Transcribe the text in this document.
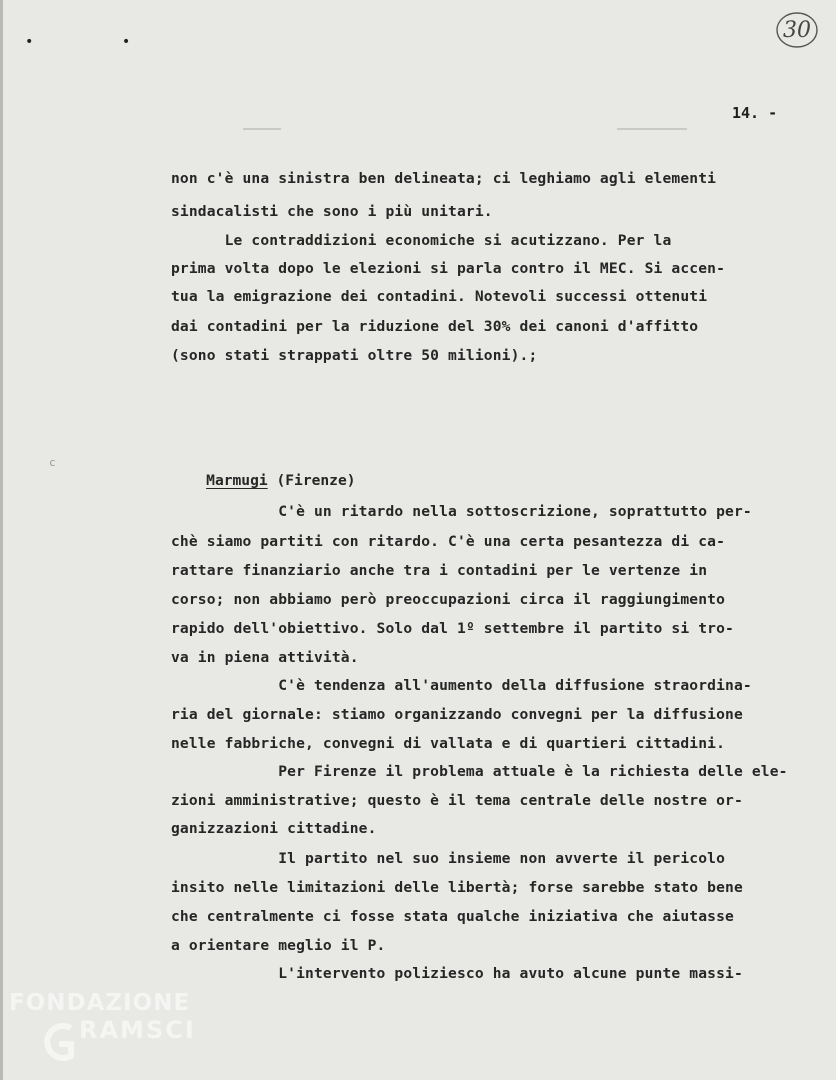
• •	30
14. -
non c'è una sinistra ben delineata; ci leghiamo agli elementi
sindacalisti che sono i più unitari.
Le contraddizioni economiche si acutizzano. Per la
prima volta dopo le elezioni si parla contro il MEC. Si accen-
tua la emigrazione dei contadini. Notevoli successi ottenuti
dai contadini per la riduzione del 30% dei canoni d'affitto
(sono stati strappati oltre 50 milioni).;
c

Marmugi (Firenze)

C'è un ritardo nella sottoscrizione, soprattutto per-
chè siamo partiti con ritardo. C'è una certa pesantezza di ca-
rattare finanziario anche tra i contadini per le vertenze in
corso; non abbiamo però preoccupazioni circa il raggiungimento
rapido dell'obiettivo. Solo dal 1º settembre il partito si tro-
va in piena attività.
C'è tendenza all'aumento della diffusione straordina-
ria del giornale: stiamo organizzando convegni per la diffusione
nelle fabbriche, convegni di vallata e di quartieri cittadini.
Per Firenze il problema attuale è la richiesta delle ele-
zioni amministrative; questo è il tema centrale delle nostre or-
ganizzazioni cittadine.
Il partito nel suo insieme non avverte il pericolo
insito nelle limitazioni delle libertà; forse sarebbe stato bene
che centralmente ci fosse stata qualche iniziativa che aiutasse
a orientare meglio il P.
L'intervento poliziesco ha avuto alcune punte massi-
FONDAZIONE
RAMSCI
